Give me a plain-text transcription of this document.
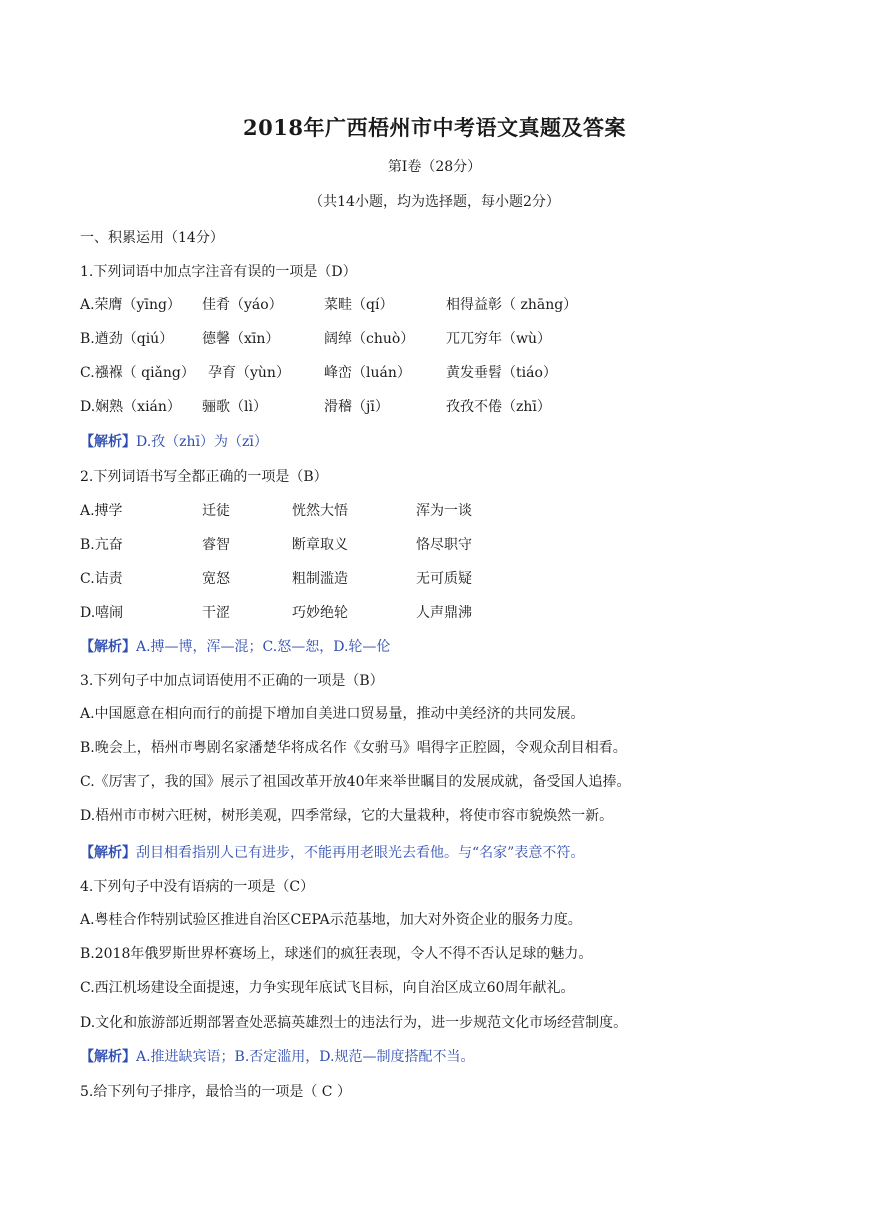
2018年广西梧州市中考语文真题及答案
第Ⅰ卷（28分）
（共14小题，均为选择题，每小题2分）
一、积累运用（14分）
1.下列词语中加点字注音有误的一项是（D）
A.荣膺（yīng） 佳肴（yáo）	菜畦（qí）	相得益彰（ zhāng）
B.遒劲（qiú） 德馨（xīn）	阔绰（chuò） 兀兀穷年（wù）
C.襁褓（ qiǎng） 孕育（yùn） 峰峦（luán）	黄发垂髫（tiáo）
D.娴熟（xián） 骊歌（lì）	滑稽（jī）	孜孜不倦（zhī）
【解析】D.孜（zhī）为（zī）
2.下列词语书写全都正确的一项是（B）
A.搏学	迁徒	恍然大悟	浑为一谈
B.亢奋	睿智	断章取义	恪尽职守
C.诘责	宽怒	粗制滥造	无可质疑
D.嘻闹	干涩	巧妙绝轮	人声鼎沸
【解析】A.搏—博，浑—混；C.怒—恕，D.轮—伦
3.下列句子中加点词语使用不正确的一项是（B）
A.中国愿意在相向而行的前提下增加自美进口贸易量，推动中美经济的共同发展。
B.晚会上，梧州市粤剧名家潘楚华将成名作《女驸马》唱得字正腔圆，令观众刮目相看。
C.《厉害了，我的国》展示了祖国改革开放40年来举世瞩目的发展成就，备受国人追捧。
D.梧州市市树六旺树，树形美观，四季常绿，它的大量栽种，将使市容市貌焕然一新。
【解析】刮目相看指别人已有进步，不能再用老眼光去看他。与“名家”表意不符。
4.下列句子中没有语病的一项是（C）
A.粤桂合作特别试验区推进自治区CEPA示范基地，加大对外资企业的服务力度。
B.2018年俄罗斯世界杯赛场上，球迷们的疯狂表现，令人不得不否认足球的魅力。
C.西江机场建设全面提速，力争实现年底试飞目标，向自治区成立60周年献礼。
D.文化和旅游部近期部署查处恶搞英雄烈士的违法行为，进一步规范文化市场经营制度。
【解析】A.推进缺宾语；B.否定滥用，D.规范—制度搭配不当。
5.给下列句子排序，最恰当的一项是（ C ）
